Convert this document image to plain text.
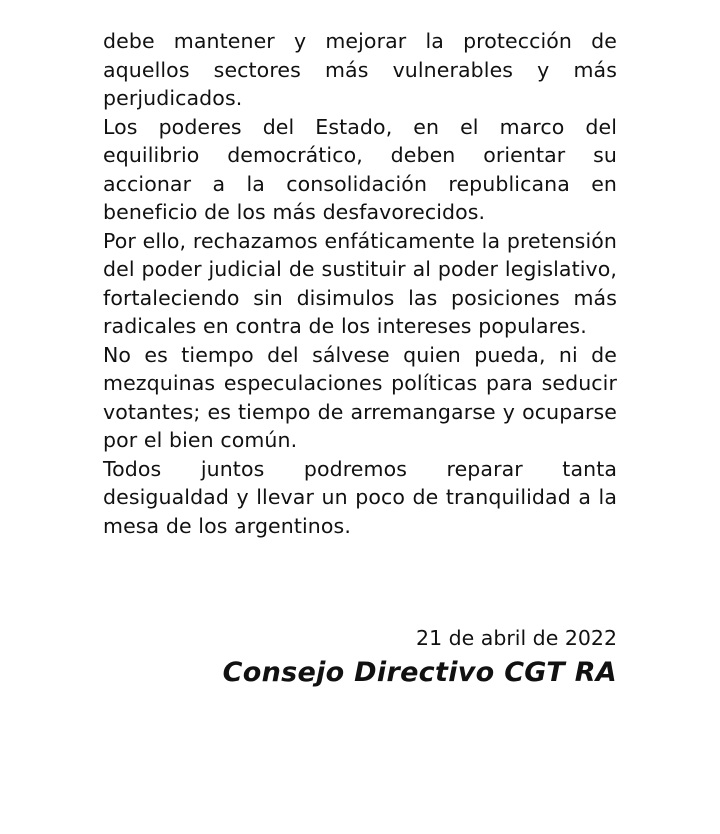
debe mantener y mejorar la protección de aquellos sectores más vulnerables y más perjudicados.

Los poderes del Estado, en el marco del equilibrio democrático, deben orientar su accionar a la consolidación republicana en beneficio de los más desfavorecidos.

Por ello, rechazamos enfáticamente la pretensión del poder judicial de sustituir al poder legislativo, fortaleciendo sin disimulos las posiciones más radicales en contra de los intereses populares.

No es tiempo del sálvese quien pueda, ni de mezquinas especulaciones políticas para seducir votantes; es tiempo de arremangarse y ocuparse por el bien común.

Todos juntos podremos reparar tanta desigualdad y llevar un poco de tranquilidad a la mesa de los argentinos.

21 de abril de 2022
Consejo Directivo CGT RA
